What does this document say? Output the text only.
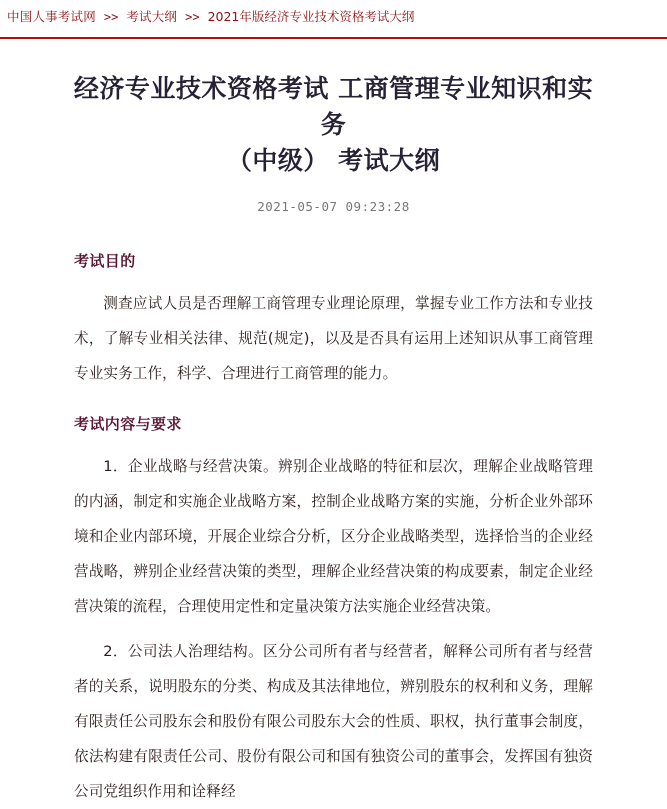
中国人事考试网 >> 考试大纲 >> 2021年版经济专业技术资格考试大纲
经济专业技术资格考试 工商管理专业知识和实务
（中级） 考试大纲
2021-05-07 09:23:28
考试目的

测查应试人员是否理解工商管理专业理论原理，掌握专业工作方法和专业技术，了解专业相关法律、规范(规定)，以及是否具有运用上述知识从事工商管理专业实务工作，科学、合理进行工商管理的能力。

考试内容与要求

1．企业战略与经营决策。辨别企业战略的特征和层次，理解企业战略管理的内涵，制定和实施企业战略方案，控制企业战略方案的实施，分析企业外部环境和企业内部环境，开展企业综合分析，区分企业战略类型，选择恰当的企业经营战略，辨别企业经营决策的类型，理解企业经营决策的构成要素，制定企业经营决策的流程，合理使用定性和定量决策方法实施企业经营决策。

2．公司法人治理结构。区分公司所有者与经营者，解释公司所有者与经营者的关系，说明股东的分类、构成及其法律地位，辨别股东的权利和义务，理解有限责任公司股东会和股份有限公司股东大会的性质、职权，执行董事会制度，依法构建有限责任公司、股份有限公司和国有独资公司的董事会，发挥国有独资公司党组织作用和诠释经
